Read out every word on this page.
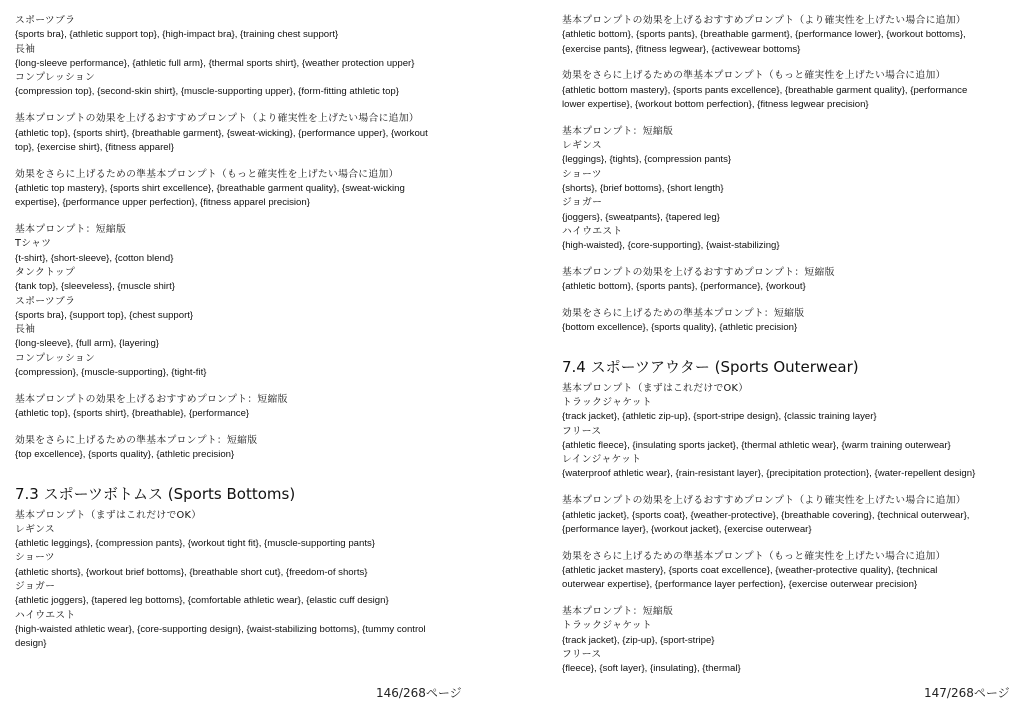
スポーツブラ
{sports bra}, {athletic support top}, {high-impact bra}, {training chest support}
長袖
{long-sleeve performance}, {athletic full arm}, {thermal sports shirt}, {weather protection upper}
コンプレッション
{compression top}, {second-skin shirt}, {muscle-supporting upper}, {form-fitting athletic top}
基本プロンプトの効果を上げるおすすめプロンプト（より確実性を上げたい場合に追加）
{athletic top}, {sports shirt}, {breathable garment}, {sweat-wicking}, {performance upper}, {workout
top}, {exercise shirt}, {fitness apparel}
効果をさらに上げるための準基本プロンプト（もっと確実性を上げたい場合に追加）
{athletic top mastery}, {sports shirt excellence}, {breathable garment quality}, {sweat-wicking
expertise}, {performance upper perfection}, {fitness apparel precision}
基本プロンプト：短縮版
Tシャツ
{t-shirt}, {short-sleeve}, {cotton blend}
タンクトップ
{tank top}, {sleeveless}, {muscle shirt}
スポーツブラ
{sports bra}, {support top}, {chest support}
長袖
{long-sleeve}, {full arm}, {layering}
コンプレッション
{compression}, {muscle-supporting}, {tight-fit}
基本プロンプトの効果を上げるおすすめプロンプト：短縮版
{athletic top}, {sports shirt}, {breathable}, {performance}
効果をさらに上げるための準基本プロンプト：短縮版
{top excellence}, {sports quality}, {athletic precision}
7.3 スポーツボトムス (Sports Bottoms)
基本プロンプト（まずはこれだけでOK）
レギンス
{athletic leggings}, {compression pants}, {workout tight fit}, {muscle-supporting pants}
ショーツ
{athletic shorts}, {workout brief bottoms}, {breathable short cut}, {freedom-of shorts}
ジョガー
{athletic joggers}, {tapered leg bottoms}, {comfortable athletic wear}, {elastic cuff design}
ハイウエスト
{high-waisted athletic wear}, {core-supporting design}, {waist-stabilizing bottoms}, {tummy control
design}
146/268ページ
基本プロンプトの効果を上げるおすすめプロンプト（より確実性を上げたい場合に追加）
{athletic bottom}, {sports pants}, {breathable garment}, {performance lower}, {workout bottoms},
{exercise pants}, {fitness legwear}, {activewear bottoms}
効果をさらに上げるための準基本プロンプト（もっと確実性を上げたい場合に追加）
{athletic bottom mastery}, {sports pants excellence}, {breathable garment quality}, {performance
lower expertise}, {workout bottom perfection}, {fitness legwear precision}
基本プロンプト：短縮版
レギンス
{leggings}, {tights}, {compression pants}
ショーツ
{shorts}, {brief bottoms}, {short length}
ジョガー
{joggers}, {sweatpants}, {tapered leg}
ハイウエスト
{high-waisted}, {core-supporting}, {waist-stabilizing}
基本プロンプトの効果を上げるおすすめプロンプト：短縮版
{athletic bottom}, {sports pants}, {performance}, {workout}
効果をさらに上げるための準基本プロンプト：短縮版
{bottom excellence}, {sports quality}, {athletic precision}
7.4 スポーツアウター (Sports Outerwear)
基本プロンプト（まずはこれだけでOK）
トラックジャケット
{track jacket}, {athletic zip-up}, {sport-stripe design}, {classic training layer}
フリース
{athletic fleece}, {insulating sports jacket}, {thermal athletic wear}, {warm training outerwear}
レインジャケット
{waterproof athletic wear}, {rain-resistant layer}, {precipitation protection}, {water-repellent design}
基本プロンプトの効果を上げるおすすめプロンプト（より確実性を上げたい場合に追加）
{athletic jacket}, {sports coat}, {weather-protective}, {breathable covering}, {technical outerwear},
{performance layer}, {workout jacket}, {exercise outerwear}
効果をさらに上げるための準基本プロンプト（もっと確実性を上げたい場合に追加）
{athletic jacket mastery}, {sports coat excellence}, {weather-protective quality}, {technical
outerwear expertise}, {performance layer perfection}, {exercise outerwear precision}
基本プロンプト：短縮版
トラックジャケット
{track jacket}, {zip-up}, {sport-stripe}
フリース
{fleece}, {soft layer}, {insulating}, {thermal}
147/268ページ
